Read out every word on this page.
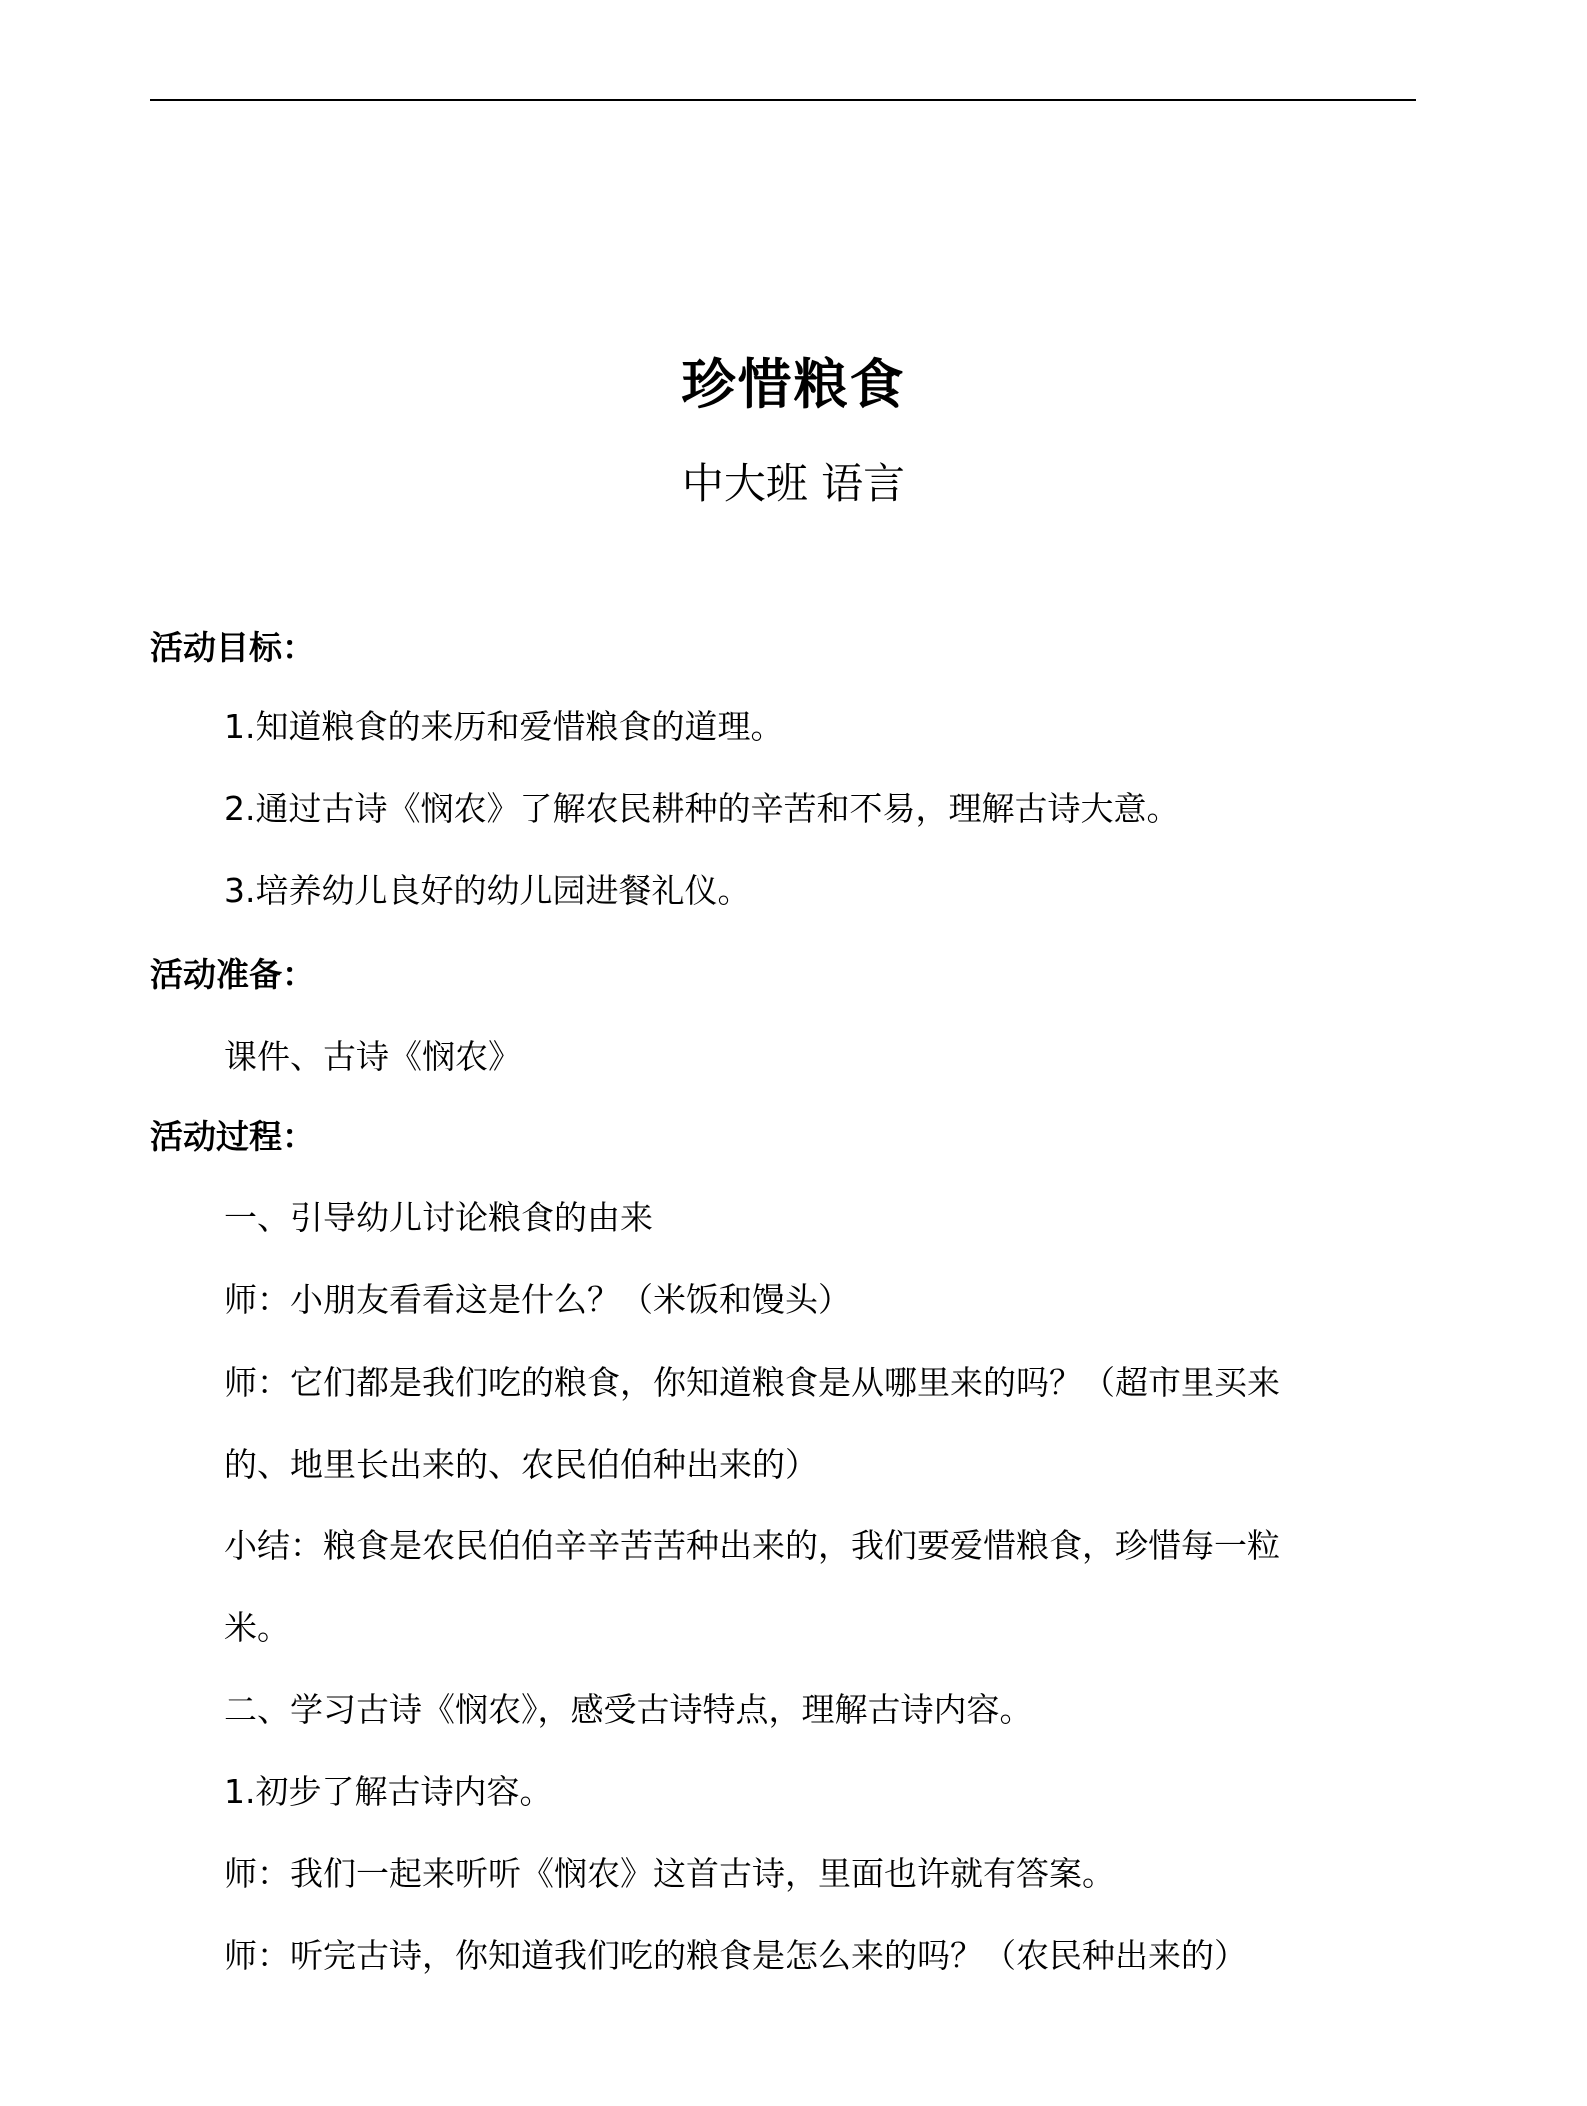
珍惜粮食
中大班 语言
活动目标：
1.知道粮食的来历和爱惜粮食的道理。
2.通过古诗《悯农》了解农民耕种的辛苦和不易，理解古诗大意。
3.培养幼儿良好的幼儿园进餐礼仪。
活动准备：
课件、古诗《悯农》
活动过程：
一、引导幼儿讨论粮食的由来
师：小朋友看看这是什么？（米饭和馒头）
师：它们都是我们吃的粮食，你知道粮食是从哪里来的吗？（超市里买来
的、地里长出来的、农民伯伯种出来的）
小结：粮食是农民伯伯辛辛苦苦种出来的，我们要爱惜粮食，珍惜每一粒
米。
二、学习古诗《悯农》，感受古诗特点，理解古诗内容。
1.初步了解古诗内容。
师：我们一起来听听《悯农》这首古诗，里面也许就有答案。
师：听完古诗，你知道我们吃的粮食是怎么来的吗？（农民种出来的）
